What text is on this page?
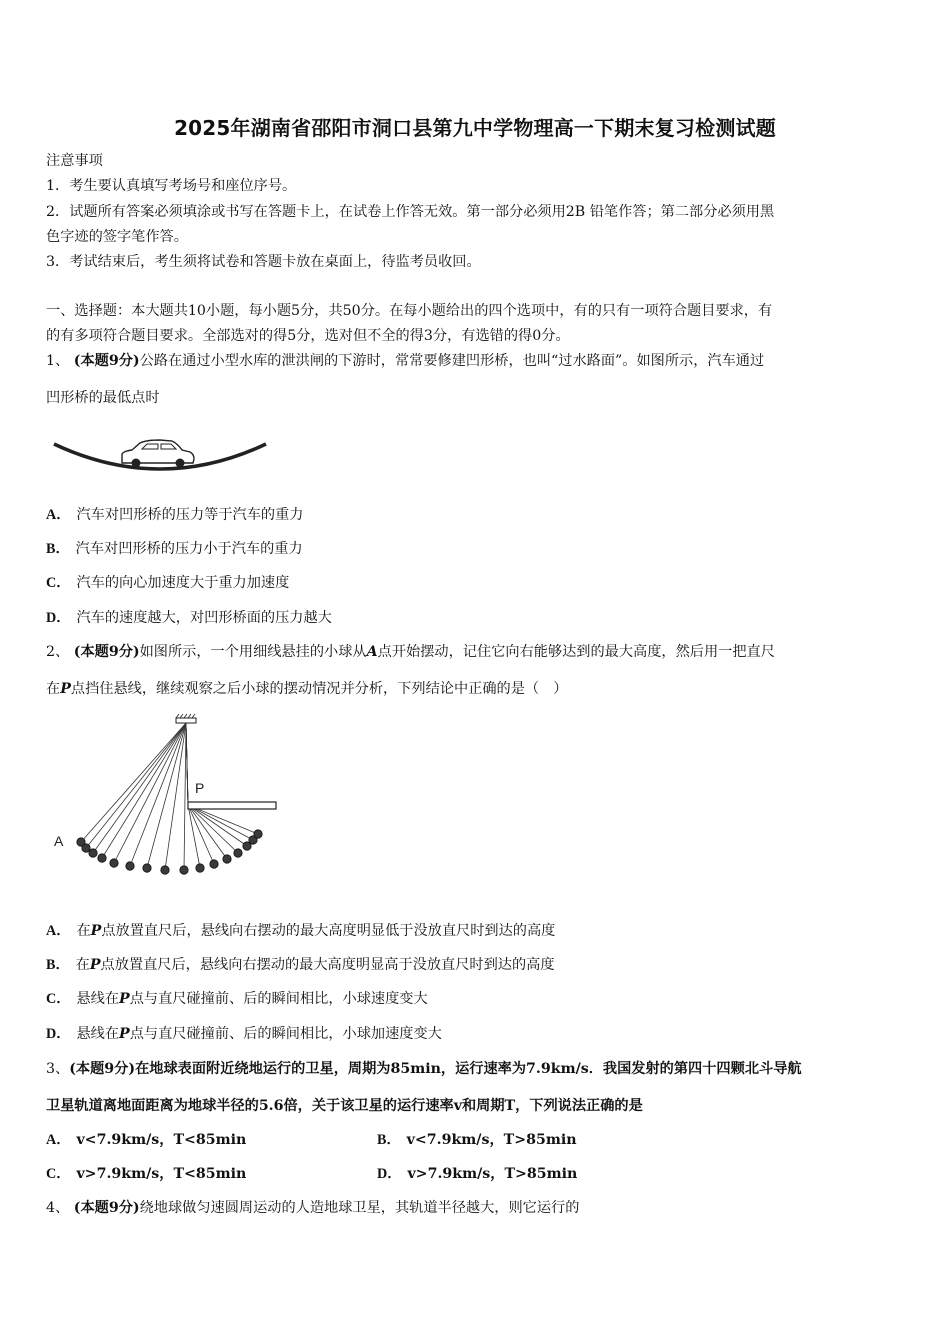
2025年湖南省邵阳市洞口县第九中学物理高一下期末复习检测试题
注意事项
1．考生要认真填写考场号和座位序号。
2．试题所有答案必须填涂或书写在答题卡上，在试卷上作答无效。第一部分必须用2B 铅笔作答；第二部分必须用黑
色字迹的签字笔作答。
3．考试结束后，考生须将试卷和答题卡放在桌面上，待监考员收回。
一、选择题：本大题共10小题，每小题5分，共50分。在每小题给出的四个选项中，有的只有一项符合题目要求，有
的有多项符合题目要求。全部选对的得5分，选对但不全的得3分，有选错的得0分。
1、 (本题9分)公路在通过小型水库的泄洪闸的下游时，常常要修建凹形桥，也叫“过水路面”。如图所示，汽车通过
凹形桥的最低点时
A． 汽车对凹形桥的压力等于汽车的重力
B． 汽车对凹形桥的压力小于汽车的重力
C． 汽车的向心加速度大于重力加速度
D． 汽车的速度越大，对凹形桥面的压力越大
2、 (本题9分)如图所示，一个用细线悬挂的小球从A点开始摆动，记住它向右能够达到的最大高度，然后用一把直尺
在P点挡住悬线，继续观察之后小球的摆动情况并分析，下列结论中正确的是（　）
P
A
A． 在P点放置直尺后，悬线向右摆动的最大高度明显低于没放直尺时到达的高度
B． 在P点放置直尺后，悬线向右摆动的最大高度明显高于没放直尺时到达的高度
C． 悬线在P点与直尺碰撞前、后的瞬间相比，小球速度变大
D． 悬线在P点与直尺碰撞前、后的瞬间相比，小球加速度变大
3、(本题9分)在地球表面附近绕地运行的卫星，周期为85min，运行速率为7.9km/s．我国发射的第四十四颗北斗导航
卫星轨道离地面距离为地球半径的5.6倍，关于该卫星的运行速率v和周期T，下列说法正确的是
A． v<7.9km/s，T<85min	B． v<7.9km/s，T>85min
C． v>7.9km/s，T<85min	D． v>7.9km/s，T>85min
4、 (本题9分)绕地球做匀速圆周运动的人造地球卫星，其轨道半径越大，则它运行的
